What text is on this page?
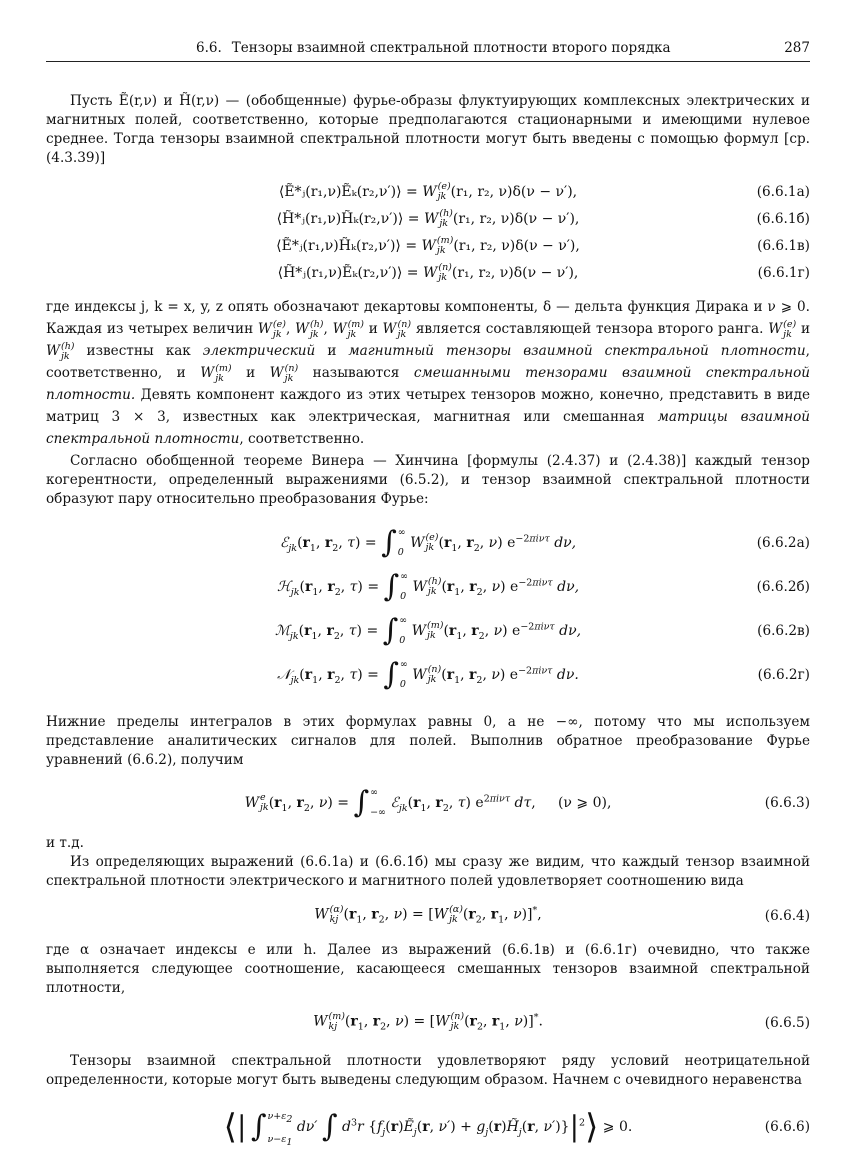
6.6. Тензоры взаимной спектральной плотности второго порядка	287

Пусть Ẽ(r,ν) и H̃(r,ν) — (обобщенные) фурье-образы флуктуирующих комплексных электрических и магнитных полей, соответственно, которые предполагаются стационарными и имеющими нулевое среднее. Тогда тензоры взаимной спектральной плотности могут быть введены с помощью формул [ср. (4.3.39)]

⟨Ẽ*ⱼ(r₁,ν)Ẽₖ(r₂,ν′)⟩ = W (e)
jk (r₁, r₂, ν)δ(ν − ν′),	(6.6.1а)
⟨H̃*ⱼ(r₁,ν)H̃ₖ(r₂,ν′)⟩ = W (h)
jk (r₁, r₂, ν)δ(ν − ν′),	(6.6.1б)
⟨Ẽ*ⱼ(r₁,ν)H̃ₖ(r₂,ν′)⟩ = W (m)
jk (r₁, r₂, ν)δ(ν − ν′),	(6.6.1в)
⟨H̃*ⱼ(r₁,ν)Ẽₖ(r₂,ν′)⟩ = W (n)
jk (r₁, r₂, ν)δ(ν − ν′),	(6.6.1г)

где индексы j, k = x, y, z опять обозначают декартовы компоненты, δ — дельта функция Дирака и ν ⩾ 0. Каждая из четырех величин W (e)
jk , W (h)
jk , W (m)
jk и W (n)
jk является составляющей тензора второго ранга. W (e)
jk и W (h)
jk	известны как электрический и магнитный тензоры взаимной спектральной плотности, соответственно, и W (m)
jk	и W (n)
jk	называются смешанными тензорами взаимной спектральной плотности. Девять компонент каждого из этих четырех тензоров можно, конечно, представить в виде матриц 3 × 3, известных как электрическая, магнитная или смешанная матрицы взаимной спектральной плотности, соответственно.

Согласно обобщенной теореме Винера — Хинчина [формулы (2.4.37) и (2.4.38)] каждый тензор когерентности, определенный выражениями (6.5.2), и тензор взаимной спектральной плотности образуют пару относительно преобразования Фурье:

$ℰ_{jk}(r_1$, $r_2$, τ) = ∫ ∞
0
W (e)
jk ($r_1$, $r_2$, ν) $e^{-2\pi i\nu\tau}$ dν,	(6.6.2а)
$ℋ_{jk}(r_1$, $r_2$, τ) = ∫ ∞
0
W (h)
jk ($r_1$, $r_2$, ν) $e^{-2\pi i\nu\tau}$ dν,	(6.6.2б)
$ℳ_{jk}(r_1$, $r_2$, τ) = ∫ ∞
0
W (m)
jk ($r_1$, $r_2$, ν) $e^{-2\pi i\nu\tau}$ dν,	(6.6.2в)
$𝒩_{jk}(r_1$, $r_2$, τ) = ∫ ∞
0
W (n)
jk ($r_1$, $r_2$, ν) $e^{-2\pi i\nu\tau}$ dν.	(6.6.2г)

Нижние пределы интегралов в этих формулах равны 0, а не −∞, потому что мы используем представление аналитических сигналов для полей. Выполнив обратное преобразование Фурье уравнений (6.6.2), получим

W e
jk ($r_1$, $r_2$, ν) = ∫ ∞
−∞
$ℰ_{jk}(r_1$, $r_2$, τ) $e^{2\pi i\nu\tau}$ dτ,     (ν ⩾ 0),	(6.6.3)

и т.д.

Из определяющих выражений (6.6.1а) и (6.6.1б) мы сразу же видим, что каждый тензор взаимной спектральной плотности электрического и магнитного полей удовлетворяет соотношению вида

W (α)
kj ($r_1$, $r_2$, ν) = [W (α)
jk ($r_2$, $r_1$, ν)]*,	(6.6.4)

где α означает индексы e или h. Далее из выражений (6.6.1в) и (6.6.1г) очевидно, что также выполняется следующее соотношение, касающееся смешанных тензоров взаимной спектральной плотности,

W (m)
kj ($r_1$, $r_2$, ν) = [W (n)
jk ($r_2$, $r_1$, ν)]*.	(6.6.5)

Тензоры взаимной спектральной плотности удовлетворяют ряду условий неотрицательной определенности, которые могут быть выведены следующим образом. Начнем с очевидного неравенства

⟨| ∫ $\nu+\varepsilon_2$
$\nu-\varepsilon_1$
dν′ ∫ $d^3r$ {$f_j(r)Ẽ_j(r$, $\nu') + g_j(r)H̃_j(r$, $\nu')\}|^2⟩$ ⩾ 0.	(6.6.6)
